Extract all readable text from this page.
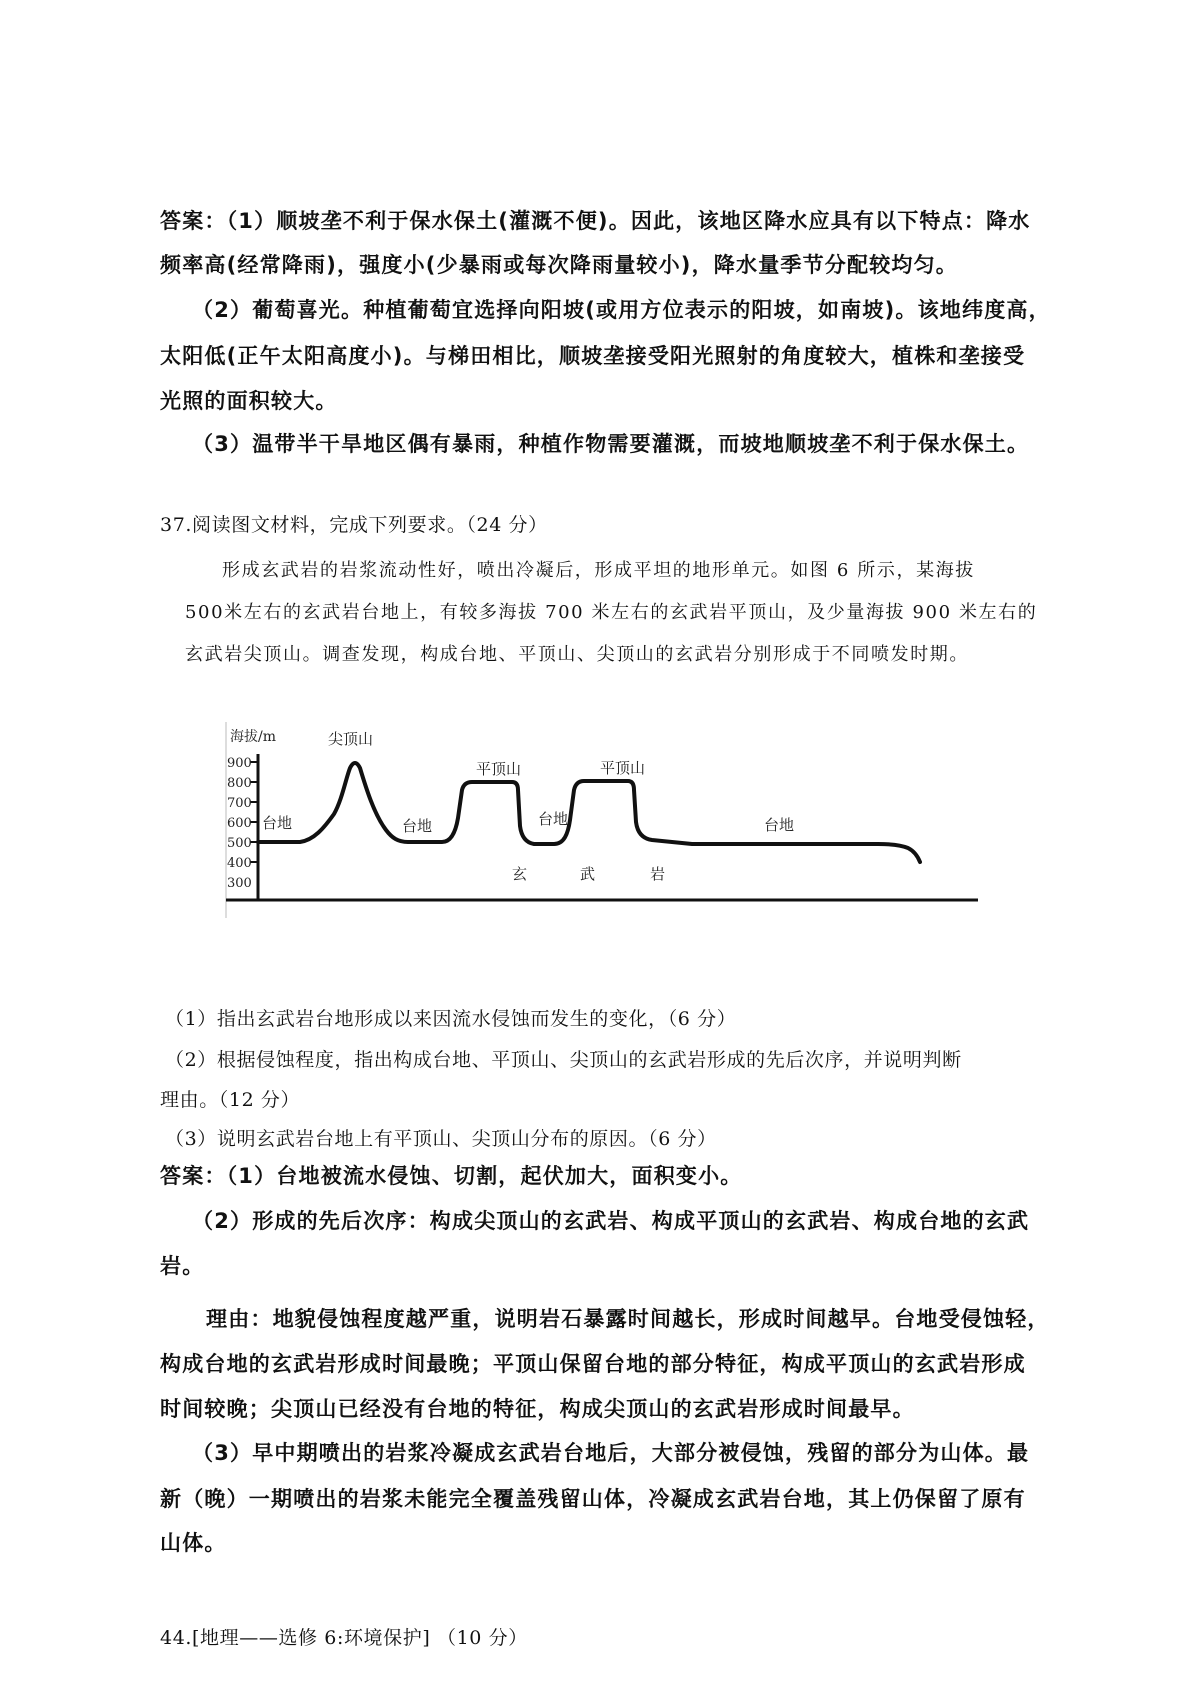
答案：（1）顺坡垄不利于保水保土(灌溉不便)。因此，该地区降水应具有以下特点：降水

频率高(经常降雨)，强度小(少暴雨或每次降雨量较小)，降水量季节分配较均匀。

（2）葡萄喜光。种植葡萄宜选择向阳坡(或用方位表示的阳坡，如南坡)。该地纬度高，

太阳低(正午太阳高度小)。与梯田相比，顺坡垄接受阳光照射的角度较大，植株和垄接受

光照的面积较大。

（3）温带半干旱地区偶有暴雨，种植作物需要灌溉，而坡地顺坡垄不利于保水保土。

37.阅读图文材料，完成下列要求。（24 分）

形成玄武岩的岩浆流动性好，喷出冷凝后，形成平坦的地形单元。如图 6 所示，某海拔

500米左右的玄武岩台地上，有较多海拔 700 米左右的玄武岩平顶山，及少量海拔 900 米左右的

玄武岩尖顶山。调查发现，构成台地、平顶山、尖顶山的玄武岩分别形成于不同喷发时期。

海拔/m
900
800
700
600
500
400
300
尖顶山
平顶山	平顶山
台地	台地	台地	台地
玄	武	岩

（1）指出玄武岩台地形成以来因流水侵蚀而发生的变化，（6 分）

（2）根据侵蚀程度，指出构成台地、平顶山、尖顶山的玄武岩形成的先后次序，并说明判断

理由。（12 分）

（3）说明玄武岩台地上有平顶山、尖顶山分布的原因。（6 分）

答案：（1）台地被流水侵蚀、切割，起伏加大，面积变小。

（2）形成的先后次序：构成尖顶山的玄武岩、构成平顶山的玄武岩、构成台地的玄武

岩。

理由：地貌侵蚀程度越严重，说明岩石暴露时间越长，形成时间越早。台地受侵蚀轻，

构成台地的玄武岩形成时间最晚；平顶山保留台地的部分特征，构成平顶山的玄武岩形成

时间较晚；尖顶山已经没有台地的特征，构成尖顶山的玄武岩形成时间最早。

（3）早中期喷出的岩浆冷凝成玄武岩台地后，大部分被侵蚀，残留的部分为山体。最

新（晚）一期喷出的岩浆未能完全覆盖残留山体，冷凝成玄武岩台地，其上仍保留了原有

山体。

44.[地理——选修 6:环境保护] （10 分）
